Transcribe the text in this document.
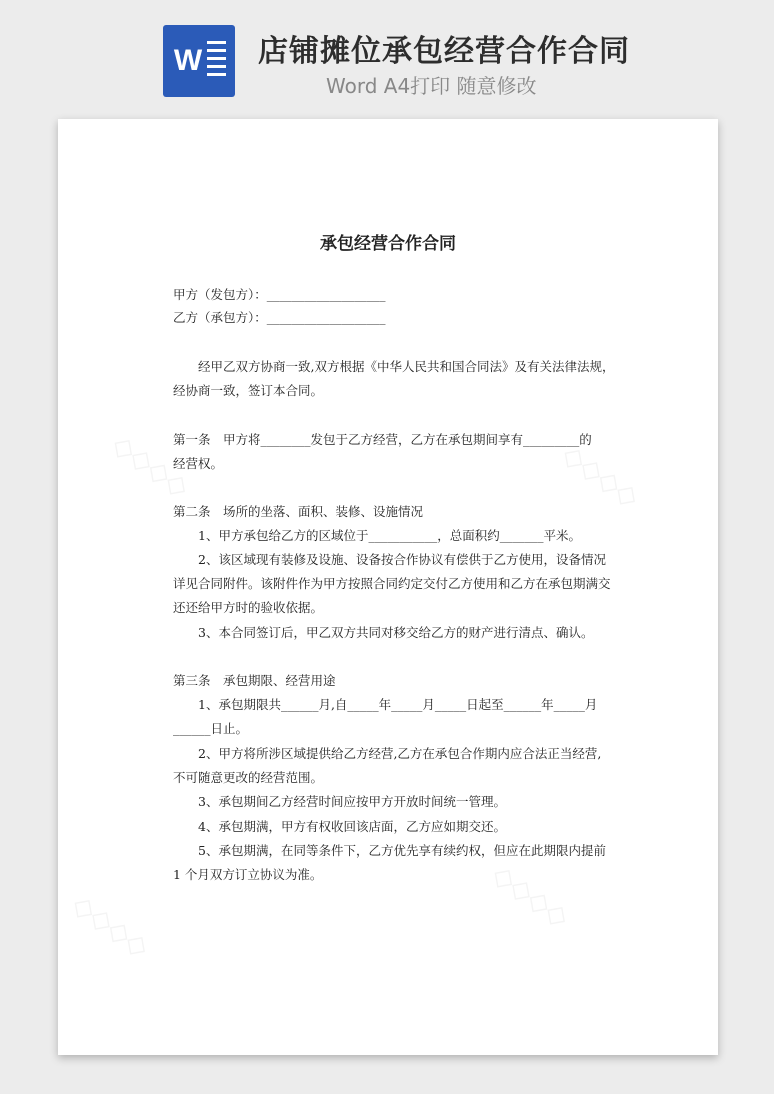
W 店铺摊位承包经营合作合同

Word A4打印 随意修改

承包经营合作合同

甲方（发包方）：___________________

乙方（承包方）：___________________

经甲乙双方协商一致,双方根据《中华人民共和国合同法》及有关法律法规，

经协商一致，签订本合同。

第一条　甲方将________发包于乙方经营，乙方在承包期间享有_________的

经营权。

第二条　场所的坐落、面积、装修、设施情况

1、甲方承包给乙方的区域位于___________，总面积约_______平米。

2、该区域现有装修及设施、设备按合作协议有偿供于乙方使用，设备情况

详见合同附件。该附件作为甲方按照合同约定交付乙方使用和乙方在承包期满交

还还给甲方时的验收依据。

3、本合同签订后，甲乙双方共同对移交给乙方的财产进行清点、确认。

第三条　承包期限、经营用途

1、承包期限共______月,自_____年_____月_____日起至______年_____月

______日止。

2、甲方将所涉区域提供给乙方经营,乙方在承包合作期内应合法正当经营,

不可随意更改的经营范围。

3、承包期间乙方经营时间应按甲方开放时间统一管理。

4、承包期满，甲方有权收回该店面，乙方应如期交还。

5、承包期满，在同等条件下，乙方优先享有续约权，但应在此期限内提前

1 个月双方订立协议为准。
